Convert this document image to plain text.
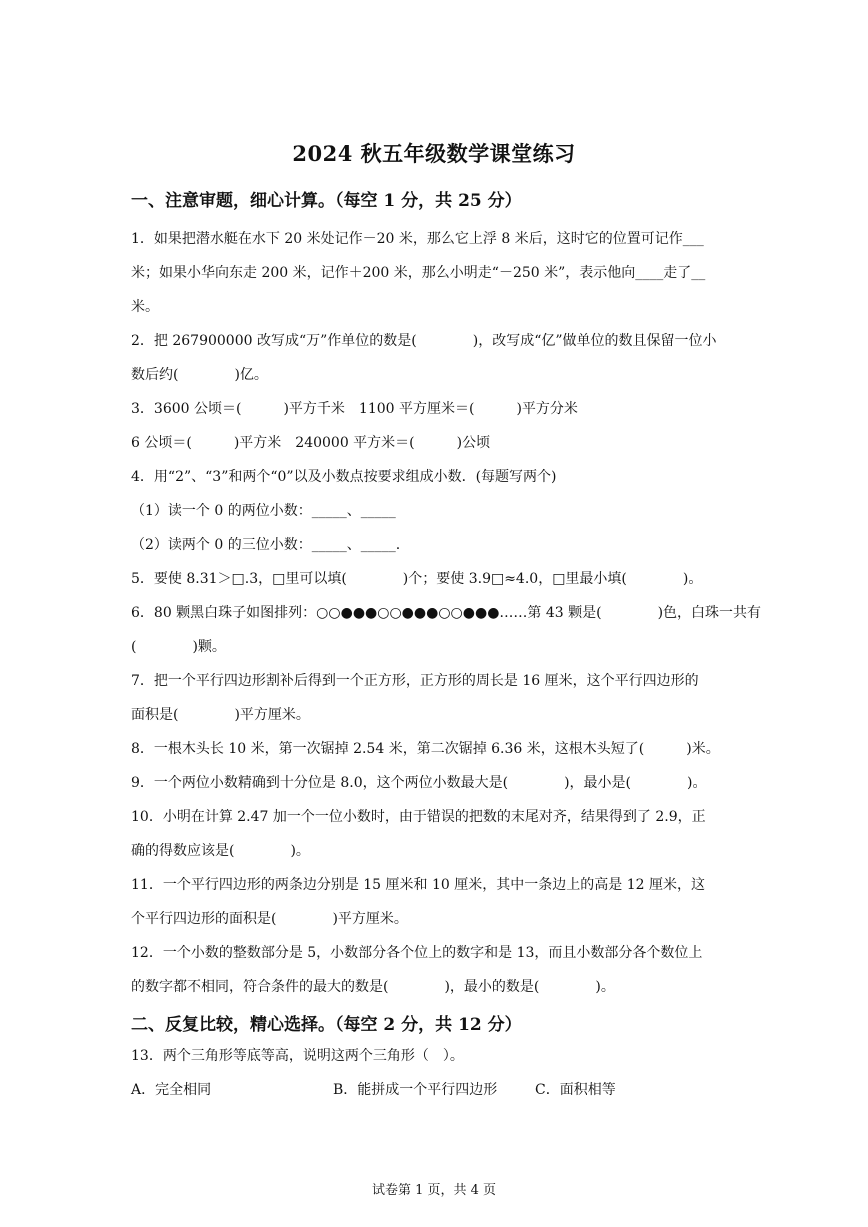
2024 秋五年级数学课堂练习
一、注意审题，细心计算。（每空 1 分，共 25 分）
1．如果把潜水艇在水下 20 米处记作－20 米，那么它上浮 8 米后，这时它的位置可记作___
米；如果小华向东走 200 米，记作＋200 米，那么小明走“－250 米”，表示他向____走了__
米。
2．把 267900000 改写成“万”作单位的数是(　　　　)，改写成“亿”做单位的数且保留一位小
数后约(　　　　)亿。
3．3600 公顷＝(　　　)平方千米　1100 平方厘米＝(　　　)平方分米
6 公顷＝(　　　)平方米　240000 平方米＝(　　　)公顷
4．用“2”、“3”和两个“0”以及小数点按要求组成小数．(每题写两个)
（1）读一个 0 的两位小数：_____、_____
（2）读两个 0 的三位小数：_____、_____.
5．要使 8.31＞□.3，□里可以填(　　　　)个；要使 3.9□≈4.0，□里最小填(　　　　)。
6．80 颗黑白珠子如图排列：○○●●●○○●●●○○●●●……第 43 颗是(　　　　)色，白珠一共有
(　　　　)颗。
7．把一个平行四边形割补后得到一个正方形，正方形的周长是 16 厘米，这个平行四边形的
面积是(　　　　)平方厘米。
8．一根木头长 10 米，第一次锯掉 2.54 米，第二次锯掉 6.36 米，这根木头短了(　　　)米。
9．一个两位小数精确到十分位是 8.0，这个两位小数最大是(　　　　)，最小是(　　　　)。
10．小明在计算 2.47 加一个一位小数时，由于错误的把数的末尾对齐，结果得到了 2.9，正
确的得数应该是(　　　　)。
11．一个平行四边形的两条边分别是 15 厘米和 10 厘米，其中一条边上的高是 12 厘米，这
个平行四边形的面积是(　　　　)平方厘米。
12．一个小数的整数部分是 5，小数部分各个位上的数字和是 13，而且小数部分各个数位上
的数字都不相同，符合条件的最大的数是(　　　　)，最小的数是(　　　　)。
二、反复比较，精心选择。（每空 2 分，共 12 分）
13．两个三角形等底等高，说明这两个三角形（　）。
A．完全相同	B．能拼成一个平行四边形	C．面积相等
试卷第 1 页，共 4 页
